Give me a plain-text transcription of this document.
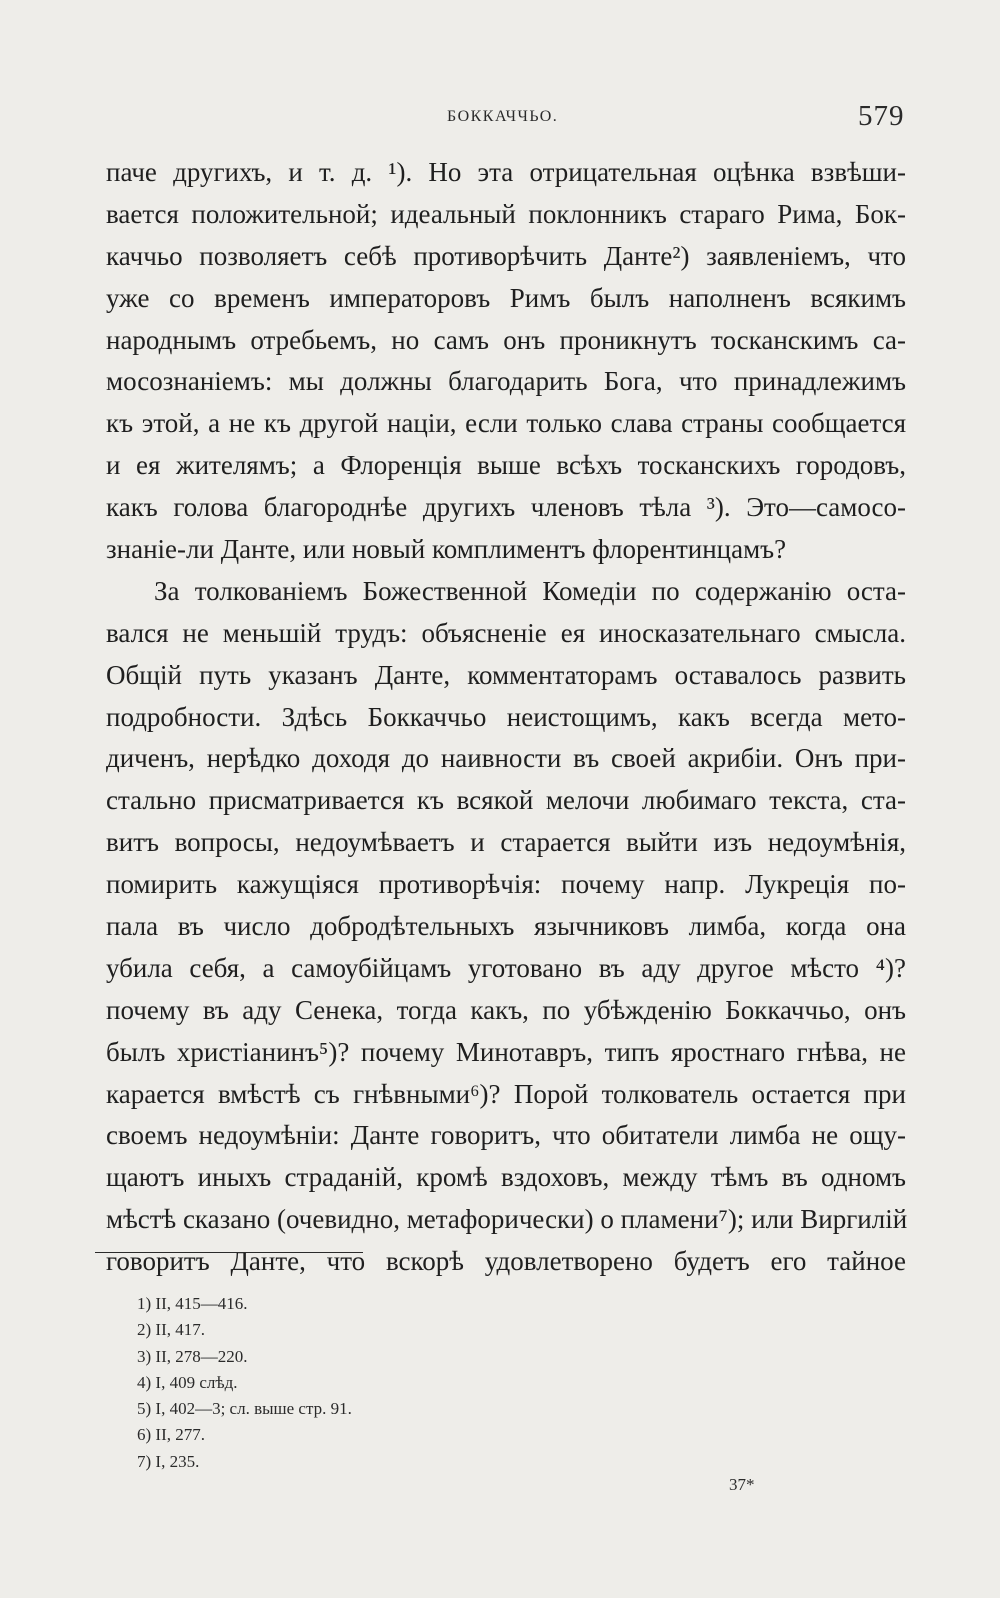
БОККАЧЧЬО.	579
паче другихъ, и т. д. ¹). Но эта отрицательная оцѣнка взвѣши-
вается положительной; идеальный поклонникъ стараго Рима, Бок-
каччьо позволяетъ себѣ противорѣчить Данте²) заявленіемъ, что
уже со временъ императоровъ Римъ былъ наполненъ всякимъ
народнымъ отребьемъ, но самъ онъ проникнутъ тосканскимъ са-
мосознаніемъ: мы должны благодарить Бога, что принадлежимъ
къ этой, а не къ другой націи, если только слава страны сообщается
и ея жителямъ; а Флоренція выше всѣхъ тосканскихъ городовъ,
какъ голова благороднѣе другихъ членовъ тѣла ³). Это—самосо-
знаніе-ли Данте, или новый комплиментъ флорентинцамъ?
За толкованіемъ Божественной Комедіи по содержанію оста-
вался не меньшій трудъ: объясненіе ея иносказательнаго смысла.
Общій путь указанъ Данте, комментаторамъ оставалось развить
подробности. Здѣсь Боккаччьо неистощимъ, какъ всегда мето-
диченъ, нерѣдко доходя до наивности въ своей акрибіи. Онъ при-
стально присматривается къ всякой мелочи любимаго текста, ста-
витъ вопросы, недоумѣваетъ и старается выйти изъ недоумѣнія,
помирить кажущіяся противорѣчія: почему напр. Лукреція по-
пала въ число добродѣтельныхъ язычниковъ лимба, когда она
убила себя, а самоубійцамъ уготовано въ аду другое мѣсто ⁴)?
почему въ аду Сенека, тогда какъ, по убѣжденію Боккаччьо, онъ
былъ христіанинъ⁵)? почему Минотавръ, типъ яростнаго гнѣва, не
карается вмѣстѣ съ гнѣвными⁶)? Порой толкователь остается при
своемъ недоумѣніи: Данте говоритъ, что обитатели лимба не ощу-
щаютъ иныхъ страданій, кромѣ вздоховъ, между тѣмъ въ одномъ
мѣстѣ сказано (очевидно, метафорически) о пламени⁷); или Виргилій
говоритъ Данте, что вскорѣ удовлетворено будетъ его тайное
1) II, 415—416.
2) II, 417.
3) II, 278—220.
4) I, 409 слѣд.
5) I, 402—3; сл. выше стр. 91.
6) II, 277.
7) I, 235.
37*
